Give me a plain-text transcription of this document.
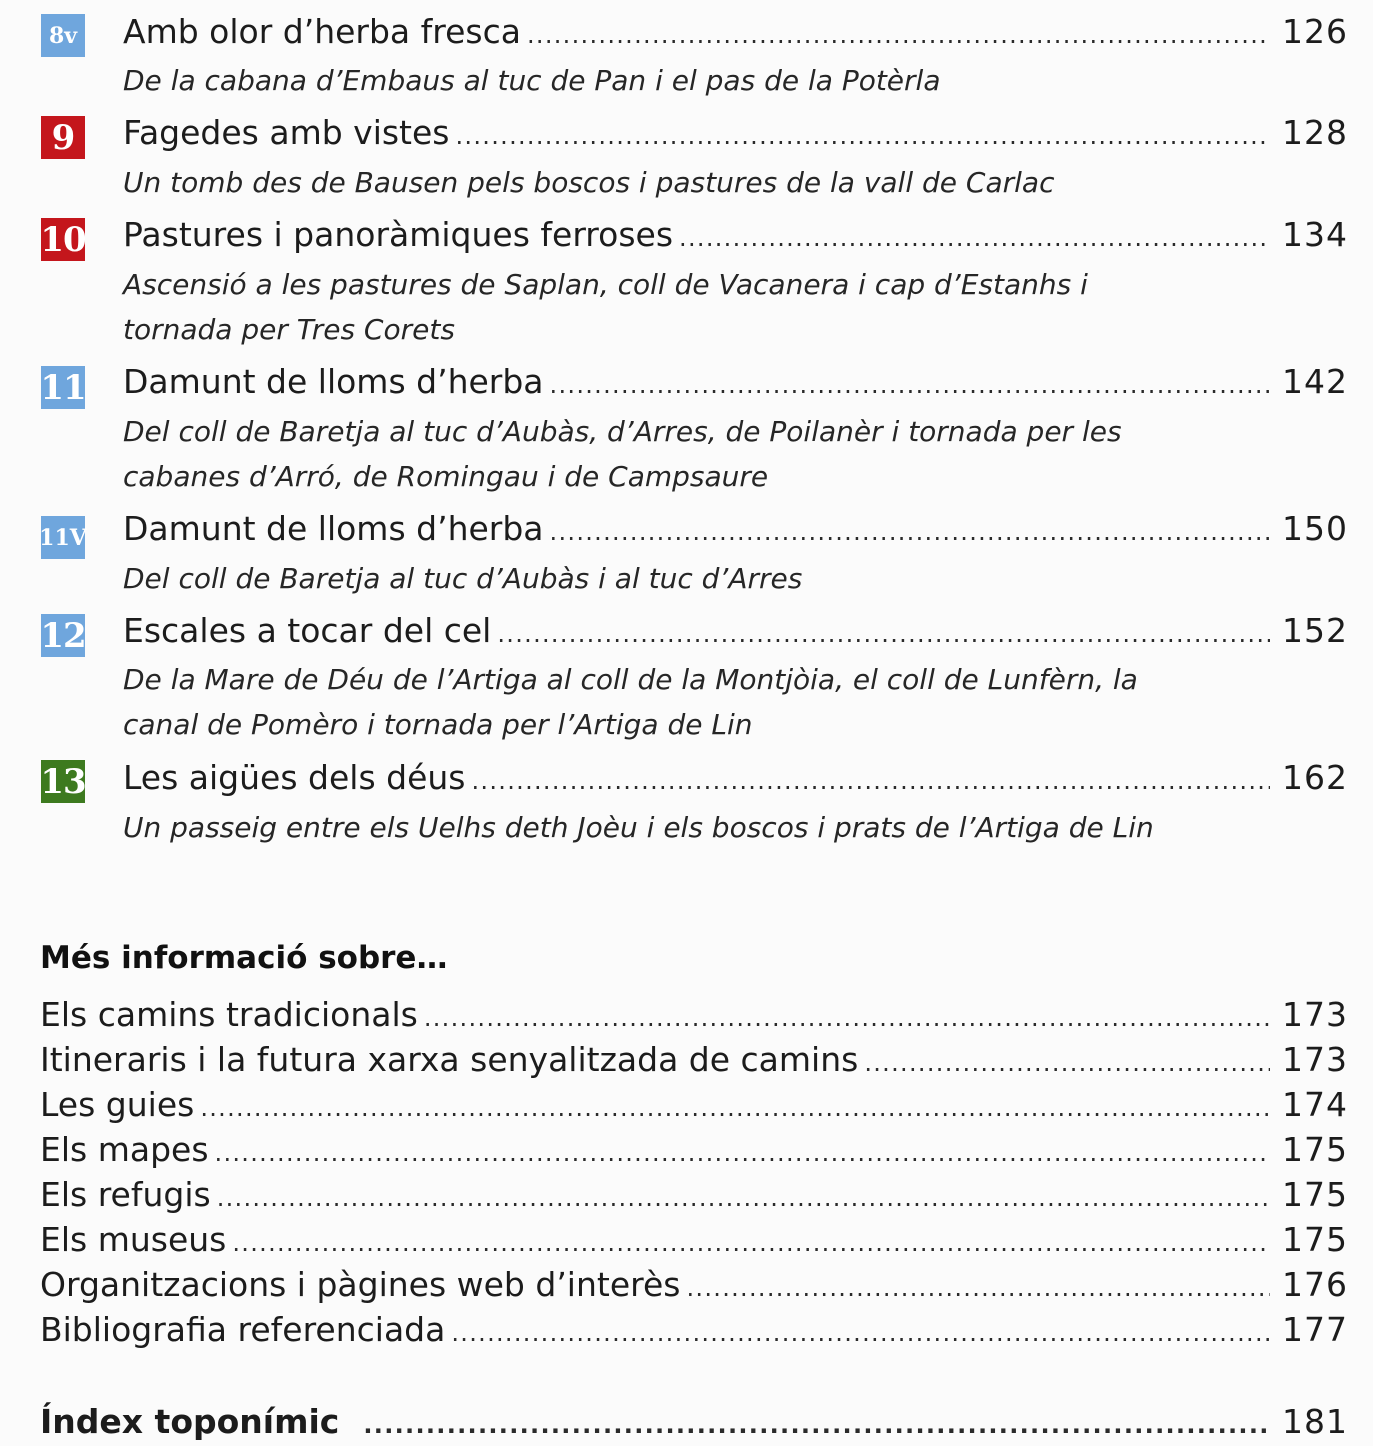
8v Amb olor d’herba fresca .....	126
De la cabana d’Embaus al tuc de Pan i el pas de la Potèrla
9	Fagedes amb vistes .....	128
Un tomb des de Bausen pels boscos i pastures de la vall de Carlac
10 Pastures i panoràmiques ferroses .....	134
Ascensió a les pastures de Saplan, coll de Vacanera i cap d’Estanhs i tornada per Tres Corets
11 Damunt de lloms d’herba .....	142
Del coll de Baretja al tuc d’Aubàs, d’Arres, de Poilanèr i tornada per les cabanes d’Arró, de Romingau i de Campsaure
11V Damunt de lloms d’herba .....	150
Del coll de Baretja al tuc d’Aubàs i al tuc d’Arres
12 Escales a tocar del cel .....	152
De la Mare de Déu de l’Artiga al coll de la Montjòia, el coll de Lunfèrn, la canal de Pomèro i tornada per l’Artiga de Lin
13 Les aigües dels déus .....	162
Un passeig entre els Uelhs deth Joèu i els boscos i prats de l’Artiga de Lin
Més informació sobre…
Els camins tradicionals .....	173
Itineraris i la futura xarxa senyalitzada de camins .....	173
Les guies .....	174
Els mapes .....	175
Els refugis .....	175
Els museus .....	175
Organitzacions i pàgines web d’interès .....	176
Bibliografia referenciada .....	177
Índex toponímic .....	181
